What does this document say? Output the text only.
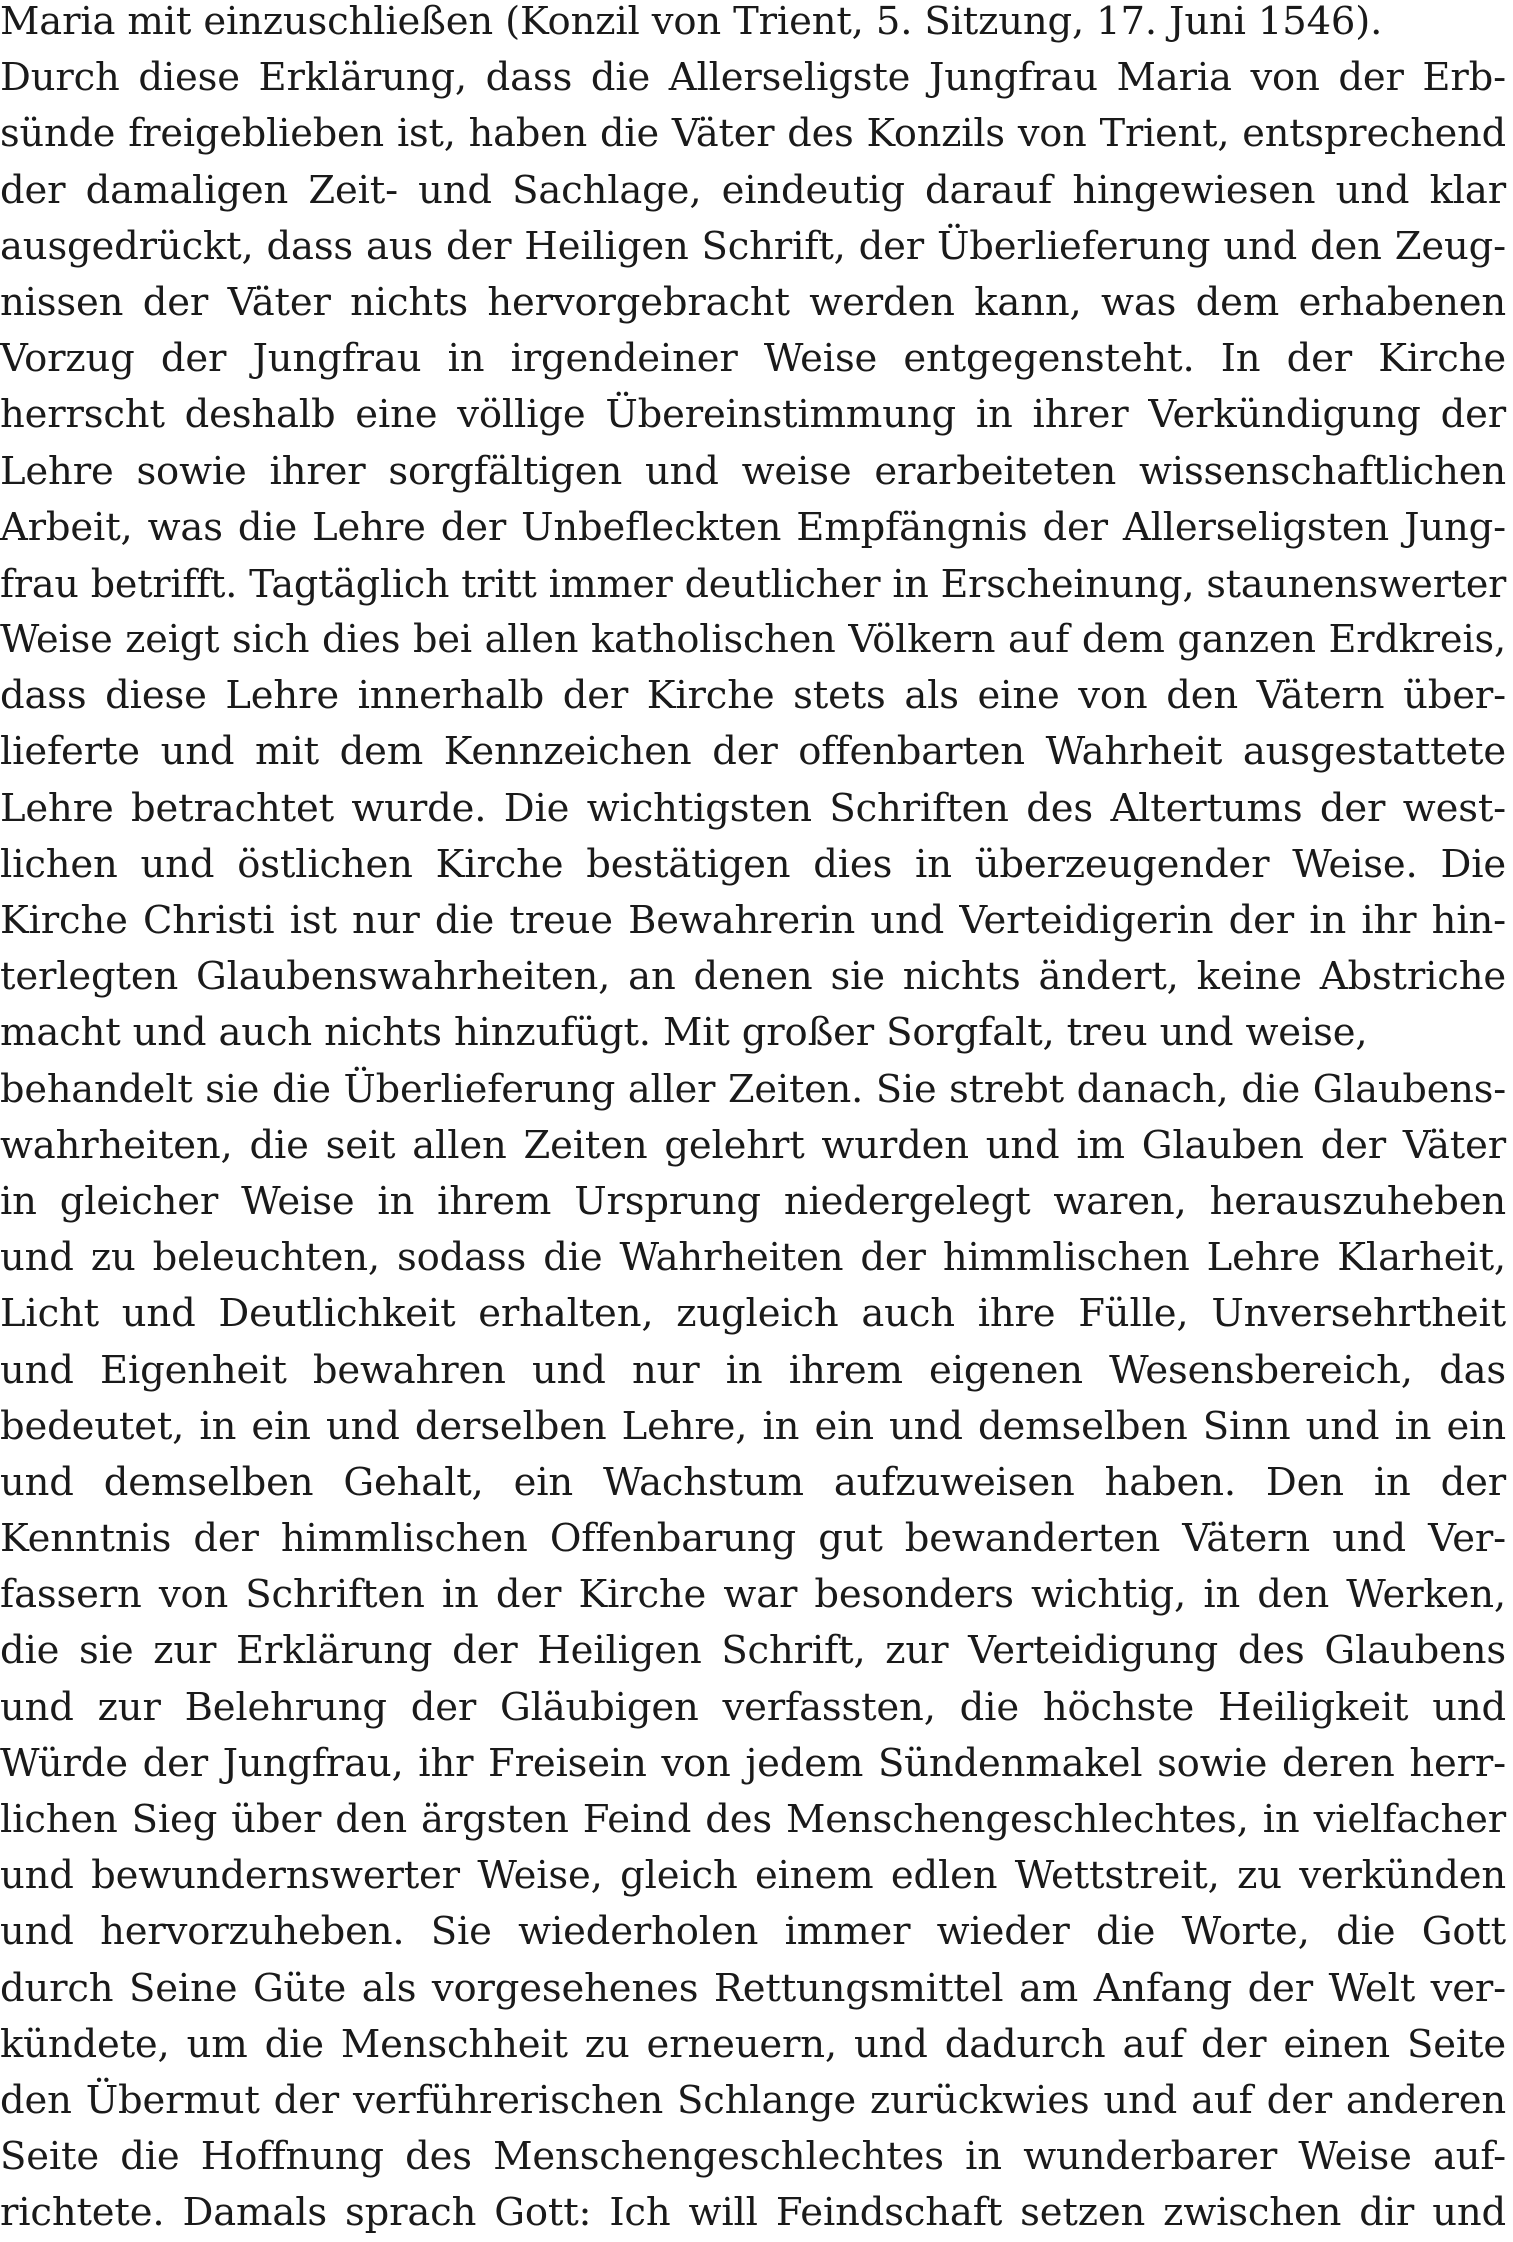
Maria mit einzuschließen (Konzil von Trient, 5. Sitzung, 17. Juni 1546).
Durch diese Erklärung, dass die Allerseligste Jungfrau Maria von der Erb-
sünde freigeblieben ist, haben die Väter des Konzils von Trient, entsprechend
der damaligen Zeit- und Sachlage, eindeutig darauf hingewiesen und klar
ausgedrückt, dass aus der Heiligen Schrift, der Überlieferung und den Zeug-
nissen der Väter nichts hervorgebracht werden kann, was dem erhabenen
Vorzug der Jungfrau in irgendeiner Weise entgegensteht. In der Kirche
herrscht deshalb eine völlige Übereinstimmung in ihrer Verkündigung der
Lehre sowie ihrer sorgfältigen und weise erarbeiteten wissenschaftlichen
Arbeit, was die Lehre der Unbefleckten Empfängnis der Allerseligsten Jung-
frau betrifft. Tagtäglich tritt immer deutlicher in Erscheinung, staunenswerter
Weise zeigt sich dies bei allen katholischen Völkern auf dem ganzen Erdkreis,
dass diese Lehre innerhalb der Kirche stets als eine von den Vätern über-
lieferte und mit dem Kennzeichen der offenbarten Wahrheit ausgestattete
Lehre betrachtet wurde. Die wichtigsten Schriften des Altertums der west-
lichen und östlichen Kirche bestätigen dies in überzeugender Weise. Die
Kirche Christi ist nur die treue Bewahrerin und Verteidigerin der in ihr hin-
terlegten Glaubenswahrheiten, an denen sie nichts ändert, keine Abstriche
macht und auch nichts hinzufügt. Mit großer Sorgfalt, treu und weise,
behandelt sie die Überlieferung aller Zeiten. Sie strebt danach, die Glaubens-
wahrheiten, die seit allen Zeiten gelehrt wurden und im Glauben der Väter
in gleicher Weise in ihrem Ursprung niedergelegt waren, herauszuheben
und zu beleuchten, sodass die Wahrheiten der himmlischen Lehre Klarheit,
Licht und Deutlichkeit erhalten, zugleich auch ihre Fülle, Unversehrtheit
und Eigenheit bewahren und nur in ihrem eigenen Wesensbereich, das
bedeutet, in ein und derselben Lehre, in ein und demselben Sinn und in ein
und demselben Gehalt, ein Wachstum aufzuweisen haben. Den in der
Kenntnis der himmlischen Offenbarung gut bewanderten Vätern und Ver-
fassern von Schriften in der Kirche war besonders wichtig, in den Werken,
die sie zur Erklärung der Heiligen Schrift, zur Verteidigung des Glaubens
und zur Belehrung der Gläubigen verfassten, die höchste Heiligkeit und
Würde der Jungfrau, ihr Freisein von jedem Sündenmakel sowie deren herr-
lichen Sieg über den ärgsten Feind des Menschengeschlechtes, in vielfacher
und bewundernswerter Weise, gleich einem edlen Wettstreit, zu verkünden
und hervorzuheben. Sie wiederholen immer wieder die Worte, die Gott
durch Seine Güte als vorgesehenes Rettungsmittel am Anfang der Welt ver-
kündete, um die Menschheit zu erneuern, und dadurch auf der einen Seite
den Übermut der verführerischen Schlange zurückwies und auf der anderen
Seite die Hoffnung des Menschengeschlechtes in wunderbarer Weise auf-
richtete. Damals sprach Gott: Ich will Feindschaft setzen zwischen dir und
